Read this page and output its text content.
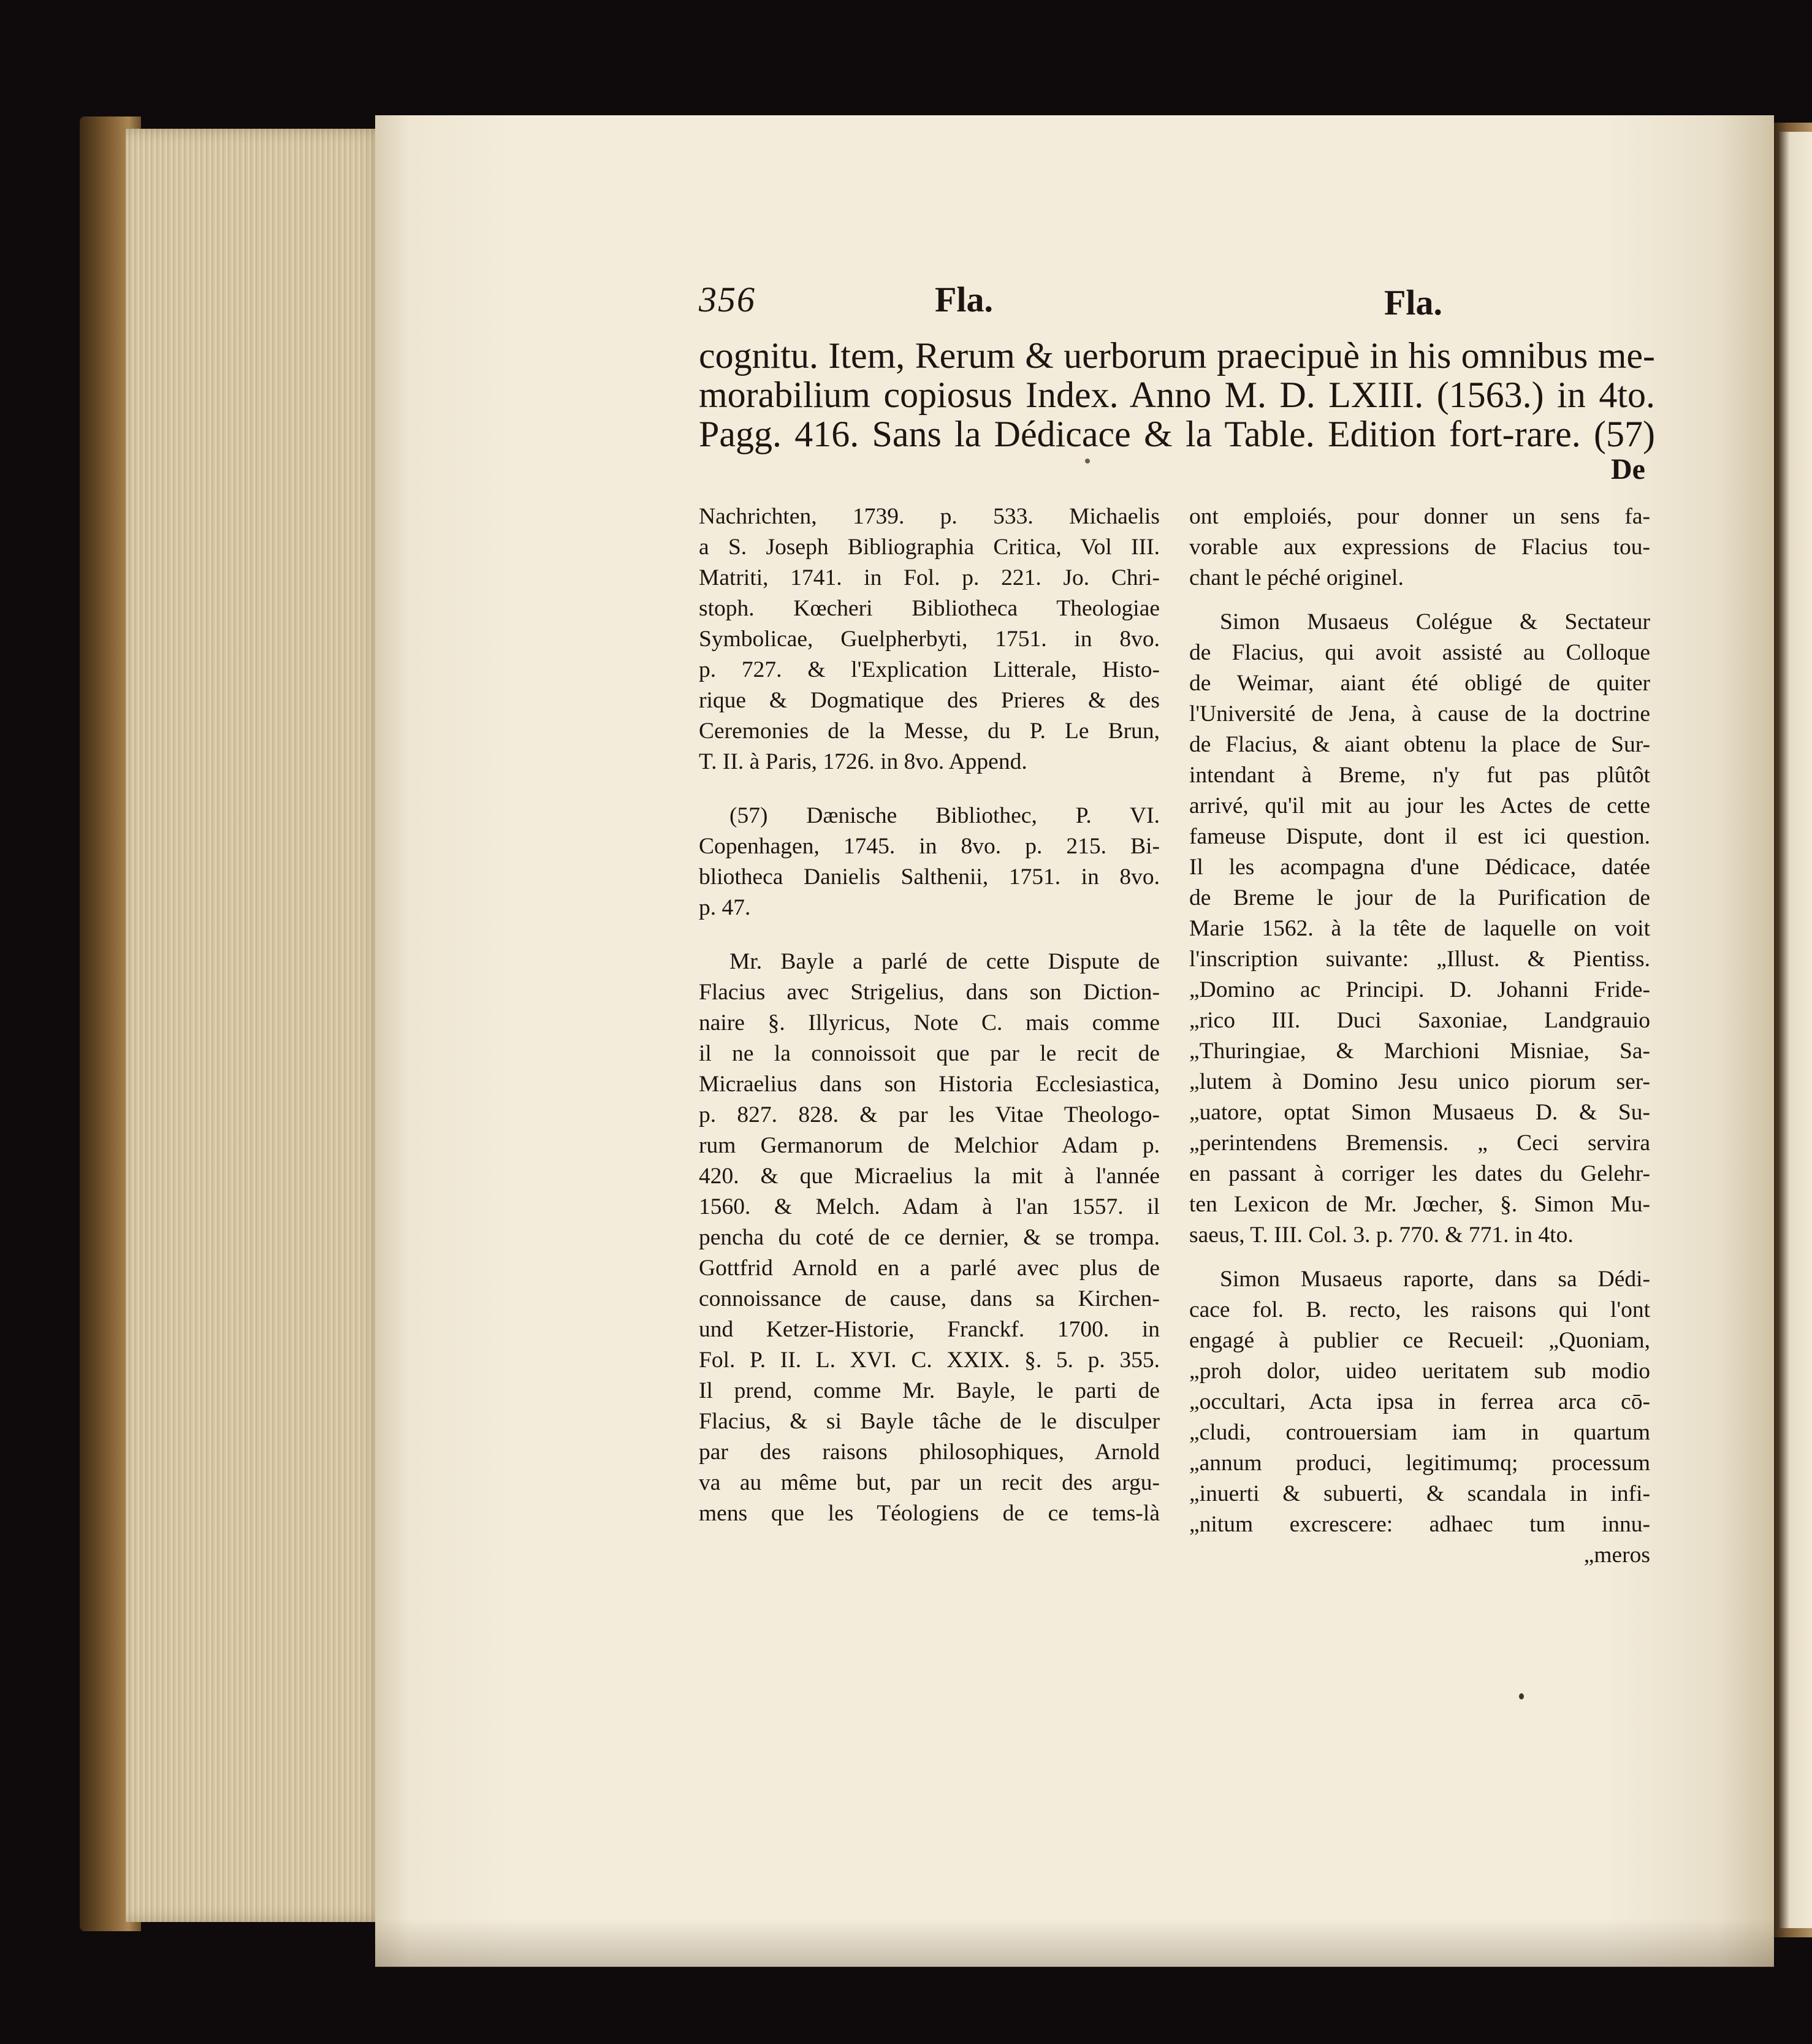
356	Fla.	Fla.
cognitu. Item, Rerum & uerborum praecipuè in his omnibus me-
morabilium copiosus Index. Anno M. D. LXIII. (1563.) in 4to.
Pagg. 416. Sans la Dédicace & la Table. Edition fort-rare. (57)
De

Nachrichten, 1739. p. 533. Michaelis

a S. Joseph Bibliographia Critica, Vol III.

Matriti, 1741. in Fol. p. 221. Jo. Chri-

stoph. Kœcheri Bibliotheca Theologiae

Symbolicae, Guelpherbyti, 1751. in 8vo.

p. 727. & l'Explication Litterale, Histo-

rique & Dogmatique des Prieres & des

Ceremonies de la Messe, du P. Le Brun,

T. II. à Paris, 1726. in 8vo. Append.

(57) Dænische Bibliothec, P. VI.

Copenhagen, 1745. in 8vo. p. 215. Bi-

bliotheca Danielis Salthenii, 1751. in 8vo.

p. 47.

Mr. Bayle a parlé de cette Dispute de

Flacius avec Strigelius, dans son Diction-

naire §. Illyricus, Note C. mais comme

il ne la connoissoit que par le recit de

Micraelius dans son Historia Ecclesiastica,

p. 827. 828. & par les Vitae Theologo-

rum Germanorum de Melchior Adam p.

420. & que Micraelius la mit à l'année

1560. & Melch. Adam à l'an 1557. il

pencha du coté de ce dernier, & se trompa.

Gottfrid Arnold en a parlé avec plus de

connoissance de cause, dans sa Kirchen-

und Ketzer-Historie, Franckf. 1700. in

Fol. P. II. L. XVI. C. XXIX. §. 5. p. 355.

Il prend, comme Mr. Bayle, le parti de

Flacius, & si Bayle tâche de le disculper

par des raisons philosophiques, Arnold

va au même but, par un recit des argu-

mens que les Téologiens de ce tems-là

ont emploiés, pour donner un sens fa-

vorable aux expressions de Flacius tou-

chant le péché originel.

Simon Musaeus Colégue & Sectateur

de Flacius, qui avoit assisté au Colloque

de Weimar, aiant été obligé de quiter

l'Université de Jena, à cause de la doctrine

de Flacius, & aiant obtenu la place de Sur-

intendant à Breme, n'y fut pas plûtôt

arrivé, qu'il mit au jour les Actes de cette

fameuse Dispute, dont il est ici question.

Il les acompagna d'une Dédicace, datée

de Breme le jour de la Purification de

Marie 1562. à la tête de laquelle on voit

l'inscription suivante: „Illust. & Pientiss.

„Domino ac Principi. D. Johanni Fride-

„rico III. Duci Saxoniae, Landgrauio

„Thuringiae, & Marchioni Misniae, Sa-

„lutem à Domino Jesu unico piorum ser-

„uatore, optat Simon Musaeus D. & Su-

„perintendens Bremensis. „ Ceci servira

en passant à corriger les dates du Gelehr-

ten Lexicon de Mr. Jœcher, §. Simon Mu-

saeus, T. III. Col. 3. p. 770. & 771. in 4to.

Simon Musaeus raporte, dans sa Dédi-

cace fol. B. recto, les raisons qui l'ont

engagé à publier ce Recueil: „Quoniam,

„proh dolor, uideo ueritatem sub modio

„occultari, Acta ipsa in ferrea arca cō-

„cludi, controuersiam iam in quartum

„annum produci, legitimumq; processum

„inuerti & subuerti, & scandala in infi-

„nitum excrescere: adhaec tum innu-

„meros
